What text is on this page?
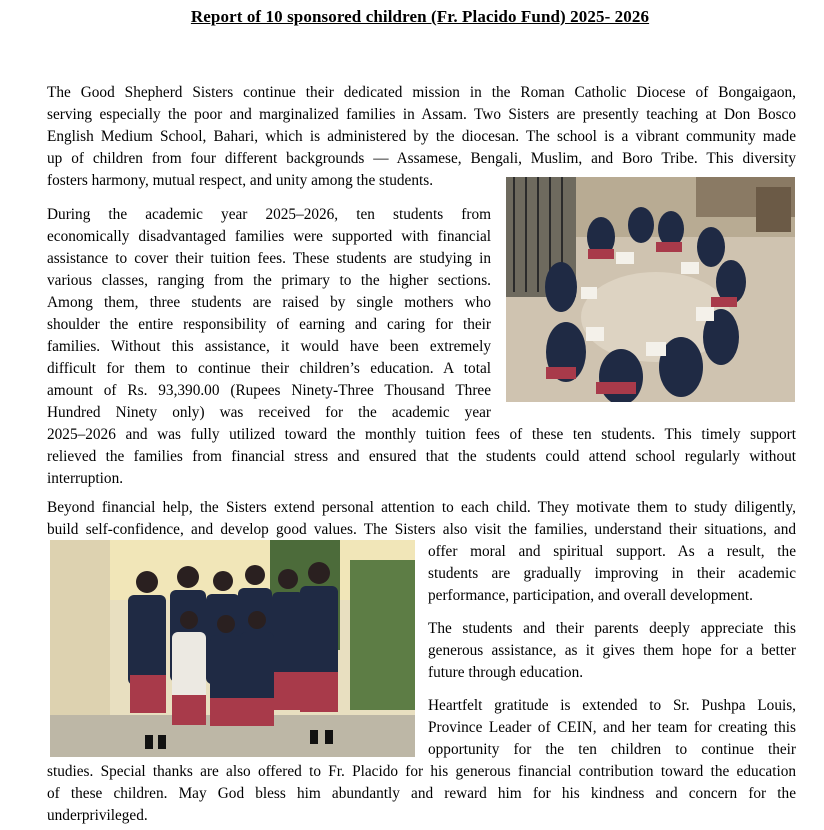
Report of 10 sponsored children (Fr. Placido Fund) 2025- 2026
The Good Shepherd Sisters continue their dedicated mission in the Roman Catholic Diocese of Bongaigaon,
serving especially the poor and marginalized families in Assam. Two Sisters are presently teaching at Don Bosco
English Medium School, Bahari, which is administered by the diocesan. The school is a vibrant community made
up of children from four different backgrounds — Assamese, Bengali, Muslim, and Boro Tribe. This diversity
fosters harmony, mutual respect, and unity among the students.
During the academic year 2025–2026, ten students from
economically disadvantaged families were supported with financial
assistance to cover their tuition fees. These students are studying in
various classes, ranging from the primary to the higher sections.
Among them, three students are raised by single mothers who
shoulder the entire responsibility of earning and caring for their
families. Without this assistance, it would have been extremely
difficult for them to continue their children’s education. A total
amount of Rs. 93,390.00 (Rupees Ninety-Three Thousand Three
Hundred Ninety only) was received for the academic year
2025–2026 and was fully utilized toward the monthly tuition fees of these ten students. This timely support
relieved the families from financial stress and ensured that the students could attend school regularly without
interruption.
Beyond financial help, the Sisters extend personal attention to each child. They motivate them to study diligently,
build self-confidence, and develop good values. The Sisters also visit the families, understand their situations, and
offer moral and spiritual support. As a result, the
students are gradually improving in their academic
performance, participation, and overall development.
The students and their parents deeply appreciate this
generous assistance, as it gives them hope for a better
future through education.
Heartfelt gratitude is extended to Sr. Pushpa Louis,
Province Leader of CEIN, and her team for creating this
opportunity for the ten children to continue their
studies. Special thanks are also offered to Fr. Placido for his generous financial contribution toward the education
of these children. May God bless him abundantly and reward him for his kindness and concern for the
underprivileged.
